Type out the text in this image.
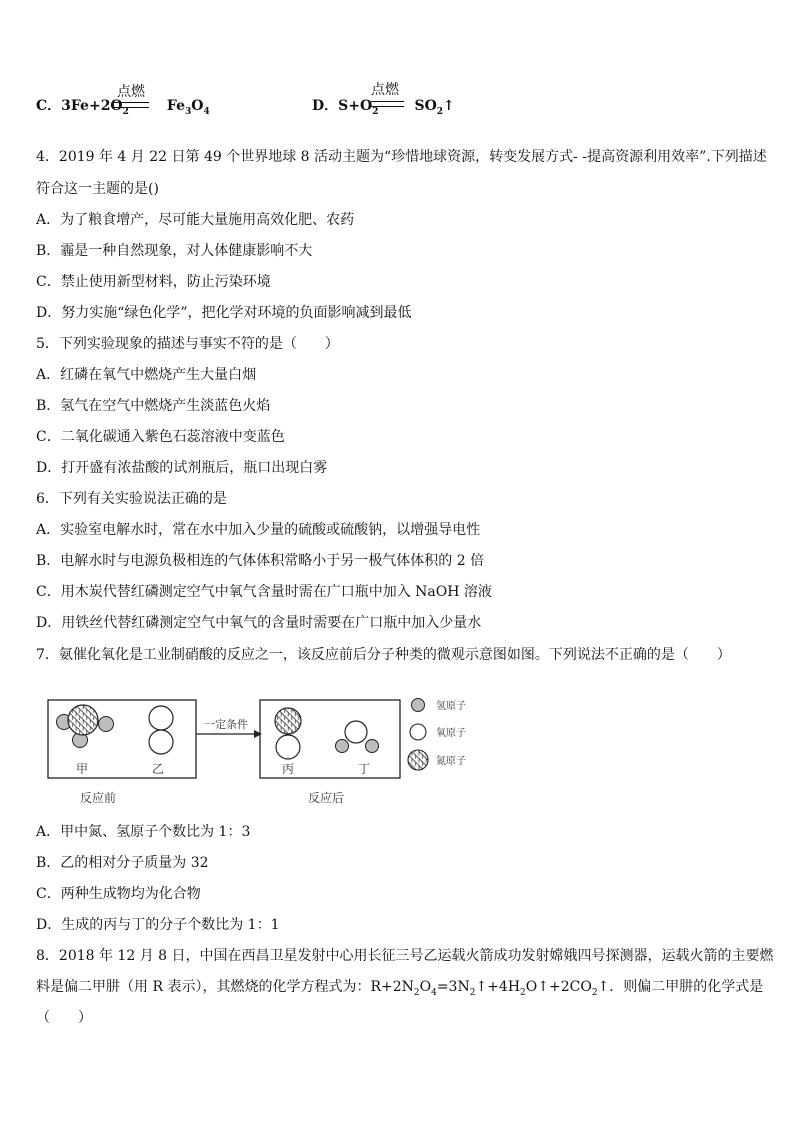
点燃
C．$3Fe+2O_2$	$Fe_3O_4$
点燃
D．$S+O_2$	$SO_2↑$
4．2019 年 4 月 22 日第 49 个世界地球 8 活动主题为“珍惜地球资源，转变发展方式- -提高资源利用效率”.下列描述
符合这一主题的是()
A．为了粮食增产，尽可能大量施用高效化肥、农药
B．霾是一种自然现象，对人体健康影响不大
C．禁止使用新型材料，防止污染环境
D．努力实施“绿色化学”，把化学对环境的负面影响减到最低
5．下列实验现象的描述与事实不符的是（　　）
A．红磷在氧气中燃烧产生大量白烟
B．氢气在空气中燃烧产生淡蓝色火焰
C．二氧化碳通入紫色石蕊溶液中变蓝色
D．打开盛有浓盐酸的试剂瓶后，瓶口出现白雾
6．下列有关实验说法正确的是
A．实验室电解水时，常在水中加入少量的硫酸或硫酸钠，以增强导电性
B．电解水时与电源负极相连的气体体积常略小于另一极气体体积的 2 倍
C．用木炭代替红磷测定空气中氧气含量时需在广口瓶中加入 NaOH 溶液
D．用铁丝代替红磷测定空气中氧气的含量时需要在广口瓶中加入少量水
7．氨催化氧化是工业制硝酸的反应之一，该反应前后分子种类的微观示意图如图。下列说法不正确的是（　　）
甲	乙
一定条件
丙	丁
氢原子
氧原子
氮原子
反应前	反应后
A．甲中氮、氢原子个数比为 1：3
B．乙的相对分子质量为 32
C．两种生成物均为化合物
D．生成的丙与丁的分子个数比为 1：1
8．2018 年 12 月 8 日，中国在西昌卫星发射中心用长征三号乙运载火箭成功发射嫦娥四号探测器，运载火箭的主要燃
料是偏二甲肼（用 R 表示），其燃烧的化学方程式为：$R+2N_2O_4=3N_2↑+4H_2O↑+2CO_2↑$．则偏二甲肼的化学式是
（　　）
